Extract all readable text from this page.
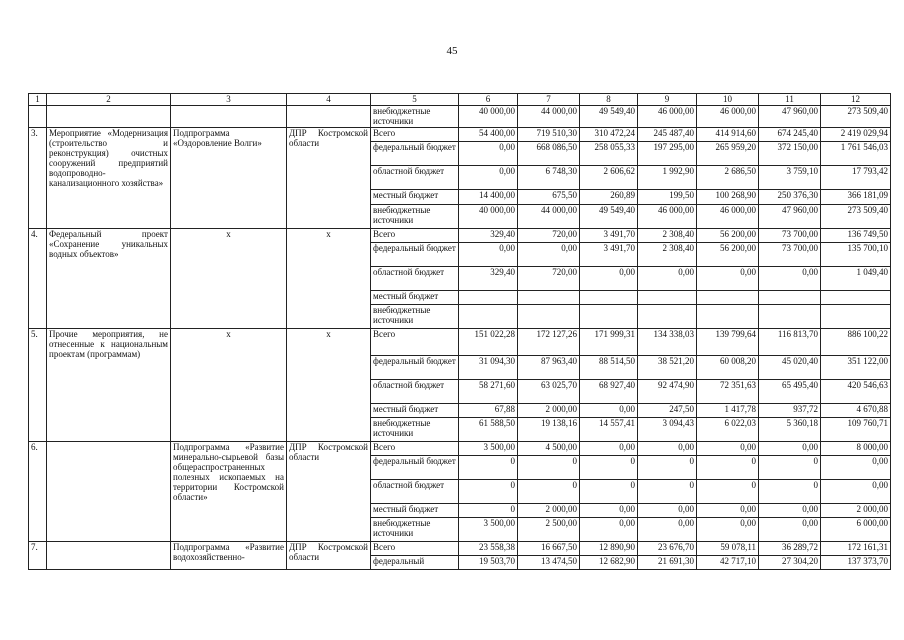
45
1	2	3	4	5	6	7	8	9	10	11	12
				внебюджетные источники	40 000,00	44 000,00	49 549,40	46 000,00	46 000,00	47 960,00	273 509,40
3.	Мероприятие «Модернизация (строительство и реконструкция) очистных сооружений предприятий водопроводно-канализационного хозяйства»	Подпрограмма «Оздоровление Волги»	ДПР Костромской области	Всего	54 400,00	719 510,30	310 472,24	245 487,40	414 914,60	674 245,40	2 419 029,94
				федеральный бюджет	0,00	668 086,50	258 055,33	197 295,00	265 959,20	372 150,00	1 761 546,03
				областной бюджет	0,00	6 748,30	2 606,62	1 992,90	2 686,50	3 759,10	17 793,42
				местный бюджет	14 400,00	675,50	260,89	199,50	100 268,90	250 376,30	366 181,09
				внебюджетные источники	40 000,00	44 000,00	49 549,40	46 000,00	46 000,00	47 960,00	273 509,40
4.	Федеральный проект «Сохранение уникальных водных объектов»	х	х	Всего	329,40	720,00	3 491,70	2 308,40	56 200,00	73 700,00	136 749,50
				федеральный бюджет	0,00	0,00	3 491,70	2 308,40	56 200,00	73 700,00	135 700,10
				областной бюджет	329,40	720,00	0,00	0,00	0,00	0,00	1 049,40
				местный бюджет							
				внебюджетные источники							
5.	Прочие мероприятия, не отнесенные к национальным проектам (программам)	х	х	Всего	151 022,28	172 127,26	171 999,31	134 338,03	139 799,64	116 813,70	886 100,22
				федеральный бюджет	31 094,30	87 963,40	88 514,50	38 521,20	60 008,20	45 020,40	351 122,00
				областной бюджет	58 271,60	63 025,70	68 927,40	92 474,90	72 351,63	65 495,40	420 546,63
				местный бюджет	67,88	2 000,00	0,00	247,50	1 417,78	937,72	4 670,88
				внебюджетные источники	61 588,50	19 138,16	14 557,41	3 094,43	6 022,03	5 360,18	109 760,71
6.		Подпрограмма «Развитие минерально-сырьевой базы общераспространенных полезных ископаемых на территории Костромской области»	ДПР Костромской области	Всего	3 500,00	4 500,00	0,00	0,00	0,00	0,00	8 000,00
				федеральный бюджет	0	0	0	0	0	0	0,00
				областной бюджет	0	0	0	0	0	0	0,00
				местный бюджет	0	2 000,00	0,00	0,00	0,00	0,00	2 000,00
				внебюджетные источники	3 500,00	2 500,00	0,00	0,00	0,00	0,00	6 000,00
7.		Подпрограмма «Развитие водохозяйственно-	ДПР Костромской области	Всего	23 558,38	16 667,50	12 890,90	23 676,70	59 078,11	36 289,72	172 161,31
				федеральный	19 503,70	13 474,50	12 682,90	21 691,30	42 717,10	27 304,20	137 373,70
